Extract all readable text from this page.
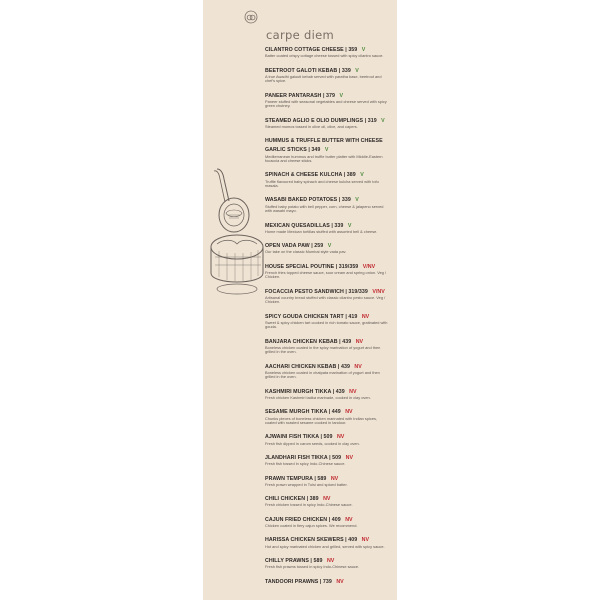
carpe diem
CILANTRO COTTAGE CHEESE | 359 V
Batter coated crispy cottage cheese tossed with spicy cilantro sauce.
BEETROOT GALOTI KEBAB | 339 V
A true Awadhi galouti kebab served with paratha base, beetroot and chef's spice.
PANEER PANTARASH | 379 V
Paneer stuffed with seasonal vegetables and cheese served with spicy green chutney.
STEAMED AGLIO E OLIO DUMPLINGS | 319 V
Steamed momos tossed in olive oil, olive, and capers.
HUMMUS & TRUFFLE BUTTER WITH CHEESE GARLIC STICKS | 349 V
Mediterranean hummus and truffle butter platter with Middle-Eastern focaccia and cheese sticks.
SPINACH & CHEESE KULCHA | 389 V
Truffle flavoured baby spinach and cheese kulcha served with tofu masala.
WASABI BAKED POTATOES | 339 V
Stuffed baby potato with bell pepper, corn, cheese & jalapeno served with wasabi mayo.
MEXICAN QUESADILLAS | 339 V
Home made Mexican tortillas stuffed with assorted bell & cheese.
OPEN VADA PAW | 259 V
Our take on the classic Mumbai style vada pav.
HOUSE SPECIAL POUTINE | 319/359 V/NV
French fries topped cheese sauce, sour cream and spring onion. Veg / Chicken.
FOCACCIA PESTO SANDWICH | 319/339 V/NV
Artisanal country bread stuffed with classic cilantro pesto sauce. Veg / Chicken.
SPICY GOUDA CHICKEN TART | 419 NV
Sweet & spicy chicken tart cooked in rich tomato sauce, gratinated with gouda.
BANJARA CHICKEN KEBAB | 439 NV
Boneless chicken coated in the spicy marination of yogurt and then grilled in the oven.
AACHARI CHICKEN KEBAB | 439 NV
Boneless chicken coated in chatpata marination of yogurt and then grilled in the oven.
KASHMIRI MURGH TIKKA | 439 NV
Fresh chicken Kashmiri tadka marinade, cooked in clay oven.
SESAME MURGH TIKKA | 449 NV
Chunks pieces of boneless chicken marinated with Indian spices, coated with roasted sesame cooked in tandoor.
AJWAINI FISH TIKKA | 509 NV
Fresh fish dipped in carom seeds, cooked in clay oven.
JLANDHARI FISH TIKKA | 509 NV
Fresh fish tossed in spicy Indo-Chinese sauce.
PRAWN TEMPURA | 589 NV
Fresh prawn wrapped in Tulsi and spiced batter.
CHILI CHICKEN | 389 NV
Fresh chicken tossed in spicy Indo-Chinese sauce.
CAJUN FRIED CHICKEN | 409 NV
Chicken coated in fiery cajun spices. We recommend.
HARISSA CHICKEN SKEWERS | 409 NV
Hot and spicy marinated chicken and grilled, served with spicy sauce.
CHILLY PRAWNS | 589 NV
Fresh fish prawns tossed in spicy Indo-Chinese sauce.
TANDOORI PRAWNS | 739 NV
